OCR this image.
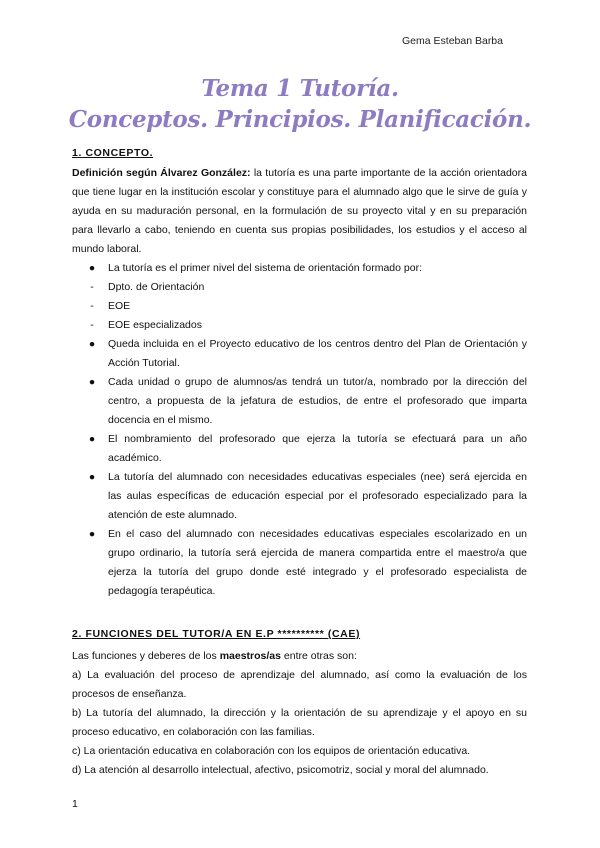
Gema Esteban Barba
Tema 1 Tutoría.
Conceptos. Principios. Planificación.
1. CONCEPTO.

Definición según Álvarez González: la tutoría es una parte importante de la acción orientadora que tiene lugar en la institución escolar y constituye para el alumnado algo que le sirve de guía y ayuda en su maduración personal, en la formulación de su proyecto vital y en su preparación para llevarlo a cabo, teniendo en cuenta sus propias posibilidades, los estudios y el acceso al mundo laboral.

● La tutoría es el primer nivel del sistema de orientación formado por:
-	Dpto. de Orientación
-	EOE
-	EOE especializados
● Queda incluida en el Proyecto educativo de los centros dentro del Plan de Orientación y Acción Tutorial.
● Cada unidad o grupo de alumnos/as tendrá un tutor/a, nombrado por la dirección del centro, a propuesta de la jefatura de estudios, de entre el profesorado que imparta docencia en el mismo.
● El nombramiento del profesorado que ejerza la tutoría se efectuará para un año académico.
● La tutoría del alumnado con necesidades educativas especiales (nee) será ejercida en las aulas específicas de educación especial por el profesorado especializado para la atención de este alumnado.
● En el caso del alumnado con necesidades educativas especiales escolarizado en un grupo ordinario, la tutoría será ejercida de manera compartida entre el maestro/a que ejerza la tutoría del grupo donde esté integrado y el profesorado especialista de pedagogía terapéutica.
2. FUNCIONES DEL TUTOR/A EN E.P ********** (CAE)

Las funciones y deberes de los maestros/as entre otras son:

a) La evaluación del proceso de aprendizaje del alumnado, así como la evaluación de los procesos de enseñanza.

b) La tutoría del alumnado, la dirección y la orientación de su aprendizaje y el apoyo en su proceso educativo, en colaboración con las familias.

c) La orientación educativa en colaboración con los equipos de orientación educativa.

d) La atención al desarrollo intelectual, afectivo, psicomotriz, social y moral del alumnado.

1
